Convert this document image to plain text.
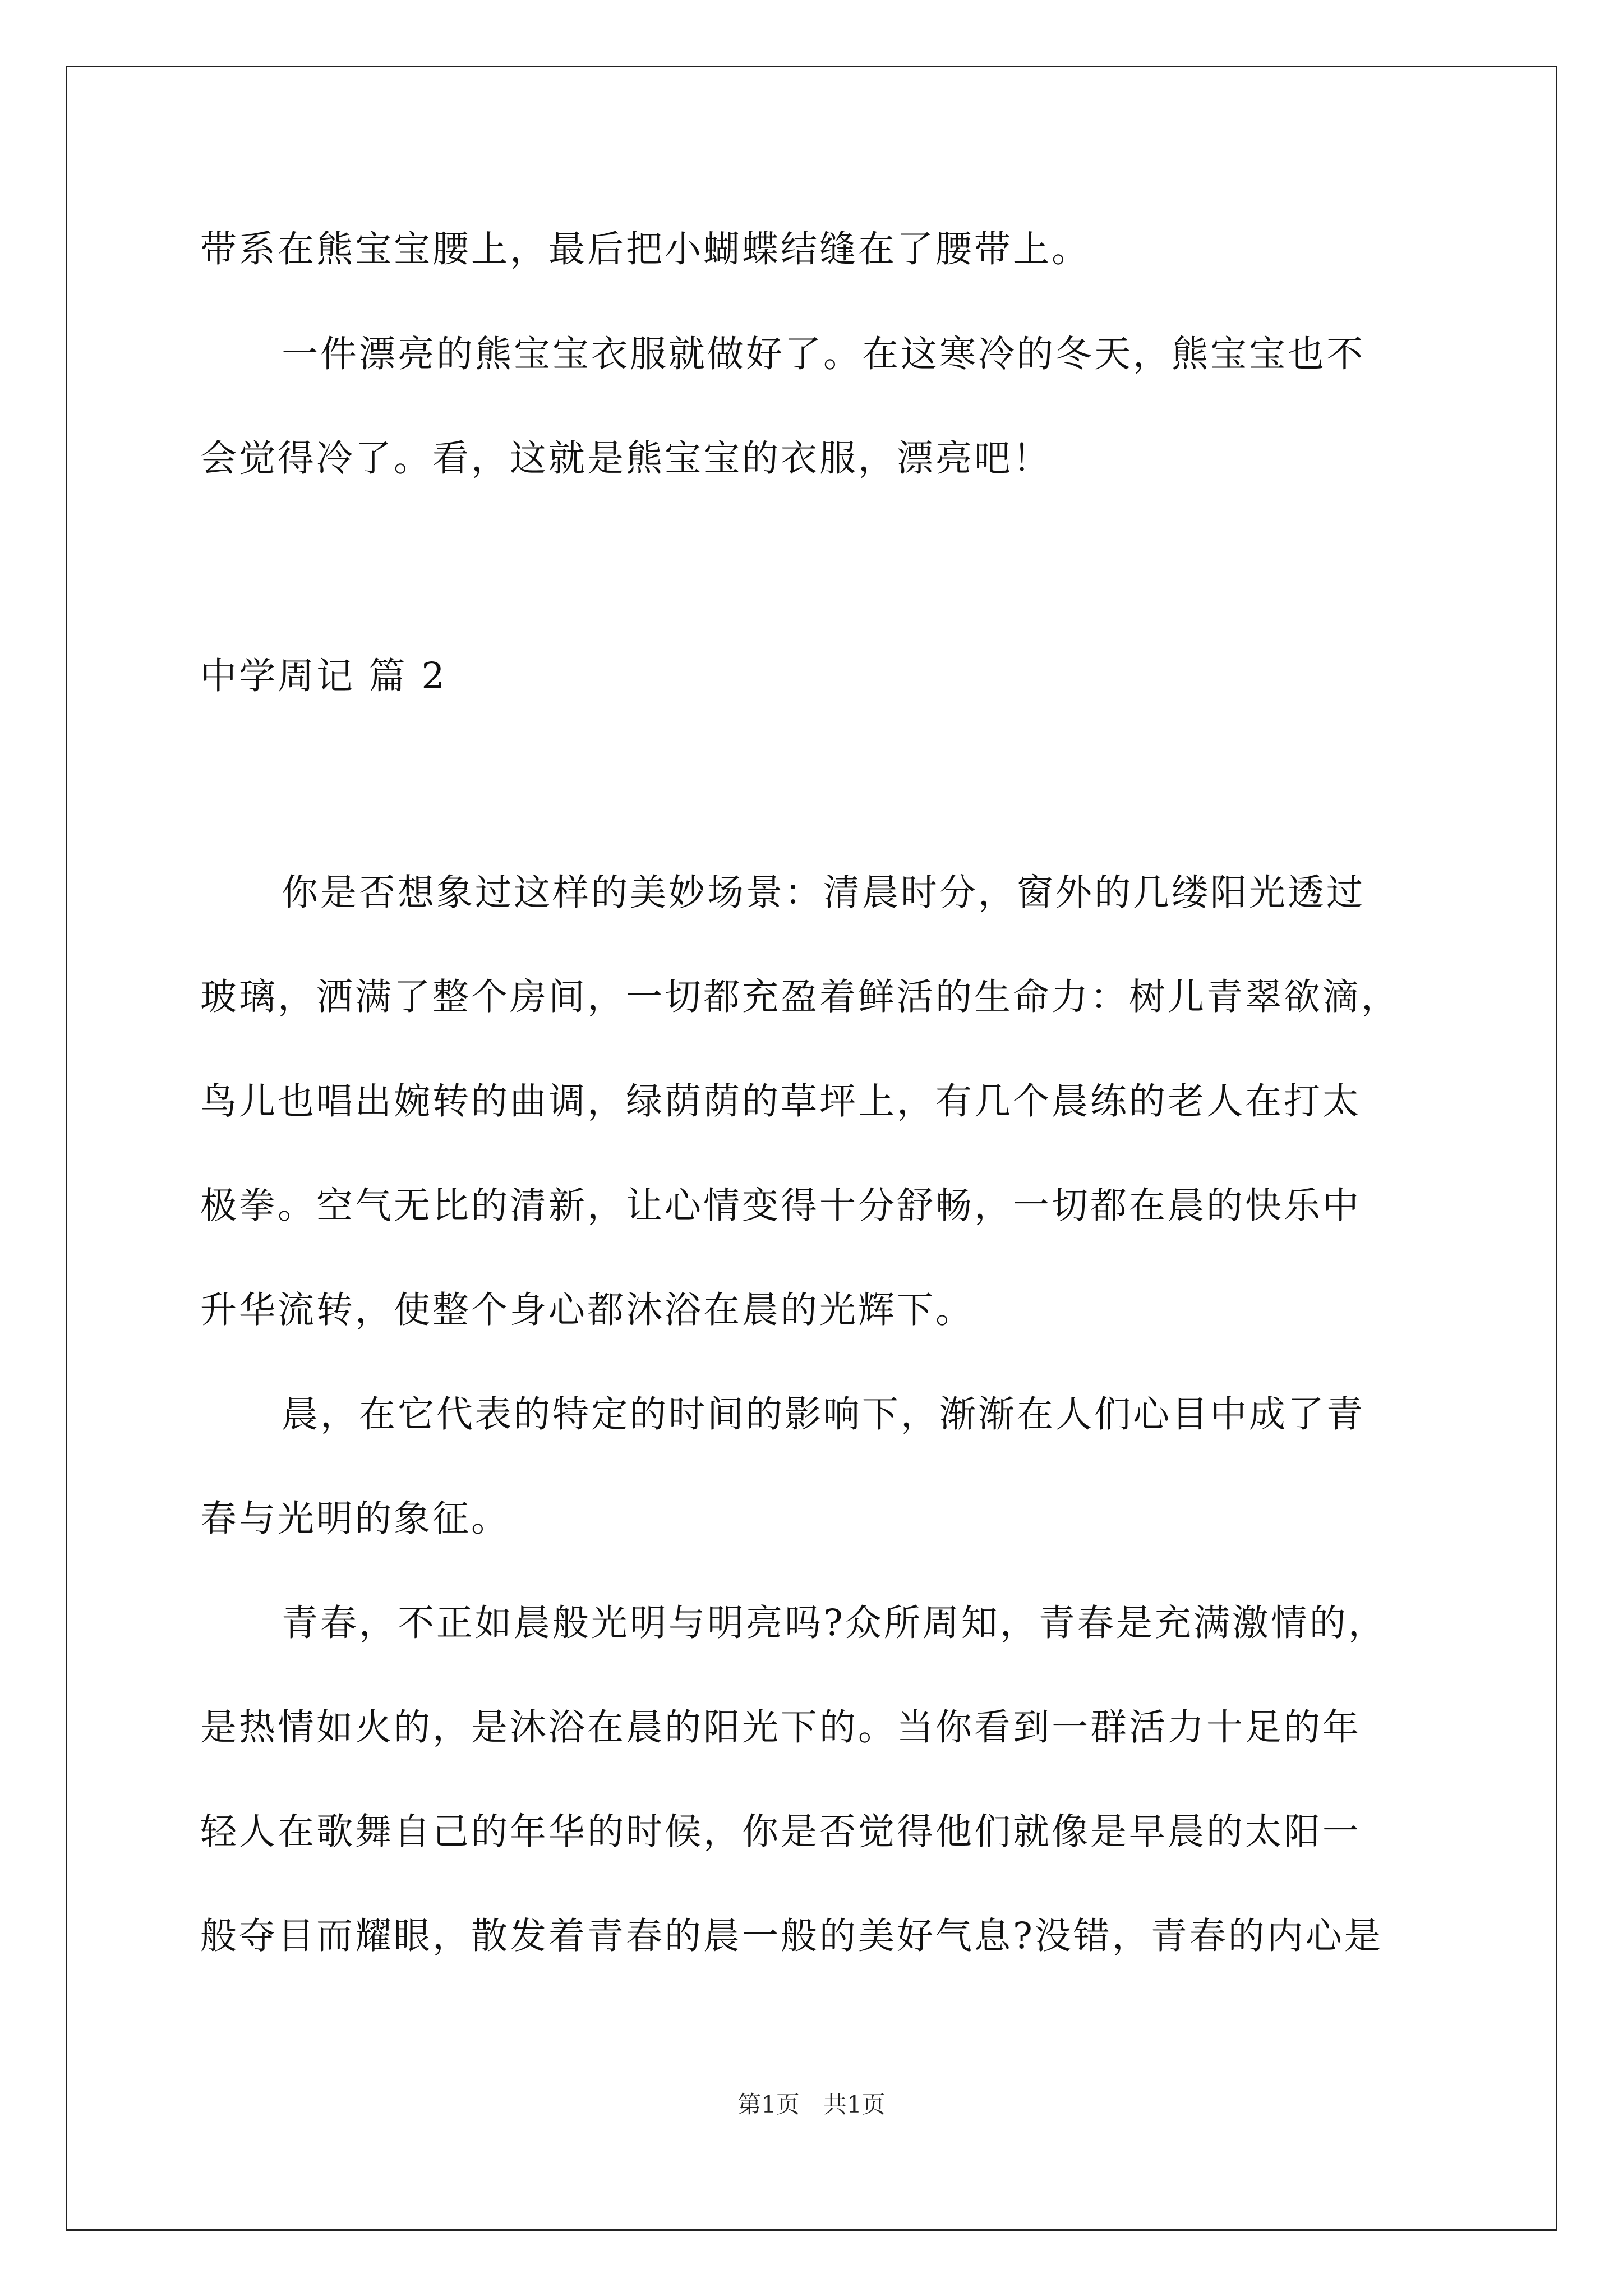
带系在熊宝宝腰上，最后把小蝴蝶结缝在了腰带上。
一件漂亮的熊宝宝衣服就做好了。在这寒冷的冬天，熊宝宝也不
会觉得冷了。看，这就是熊宝宝的衣服，漂亮吧！
中学周记 篇 2
你是否想象过这样的美妙场景：清晨时分，窗外的几缕阳光透过
玻璃，洒满了整个房间，一切都充盈着鲜活的生命力：树儿青翠欲滴，
鸟儿也唱出婉转的曲调，绿荫荫的草坪上，有几个晨练的老人在打太
极拳。空气无比的清新，让心情变得十分舒畅，一切都在晨的快乐中
升华流转，使整个身心都沐浴在晨的光辉下。
晨，在它代表的特定的时间的影响下，渐渐在人们心目中成了青
春与光明的象征。
青春，不正如晨般光明与明亮吗?众所周知，青春是充满激情的，
是热情如火的，是沐浴在晨的阳光下的。当你看到一群活力十足的年
轻人在歌舞自己的年华的时候，你是否觉得他们就像是早晨的太阳一
般夺目而耀眼，散发着青春的晨一般的美好气息?没错，青春的内心是
第1页　共1页
